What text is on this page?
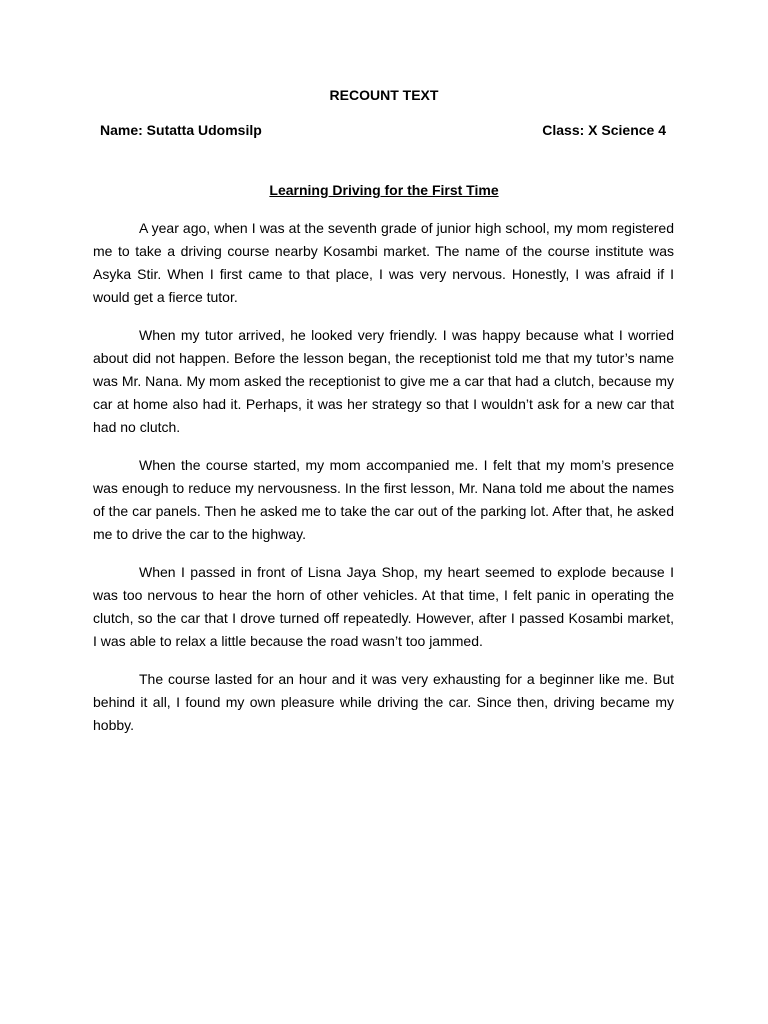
RECOUNT TEXT
Name: Sutatta Udomsilp	Class: X Science 4
Learning Driving for the First Time

A year ago, when I was at the seventh grade of junior high school, my mom registered me to take a driving course nearby Kosambi market. The name of the course institute was Asyka Stir. When I first came to that place, I was very nervous. Honestly, I was afraid if I would get a fierce tutor.

When my tutor arrived, he looked very friendly. I was happy because what I worried about did not happen. Before the lesson began, the receptionist told me that my tutor’s name was Mr. Nana. My mom asked the receptionist to give me a car that had a clutch, because my car at home also had it. Perhaps, it was her strategy so that I wouldn’t ask for a new car that had no clutch.

When the course started, my mom accompanied me. I felt that my mom’s presence was enough to reduce my nervousness. In the first lesson, Mr. Nana told me about the names of the car panels. Then he asked me to take the car out of the parking lot. After that, he asked me to drive the car to the highway.

When I passed in front of Lisna Jaya Shop, my heart seemed to explode because I was too nervous to hear the horn of other vehicles. At that time, I felt panic in operating the clutch, so the car that I drove turned off repeatedly. However, after I passed Kosambi market, I was able to relax a little because the road wasn’t too jammed.

The course lasted for an hour and it was very exhausting for a beginner like me. But behind it all, I found my own pleasure while driving the car. Since then, driving became my hobby.
